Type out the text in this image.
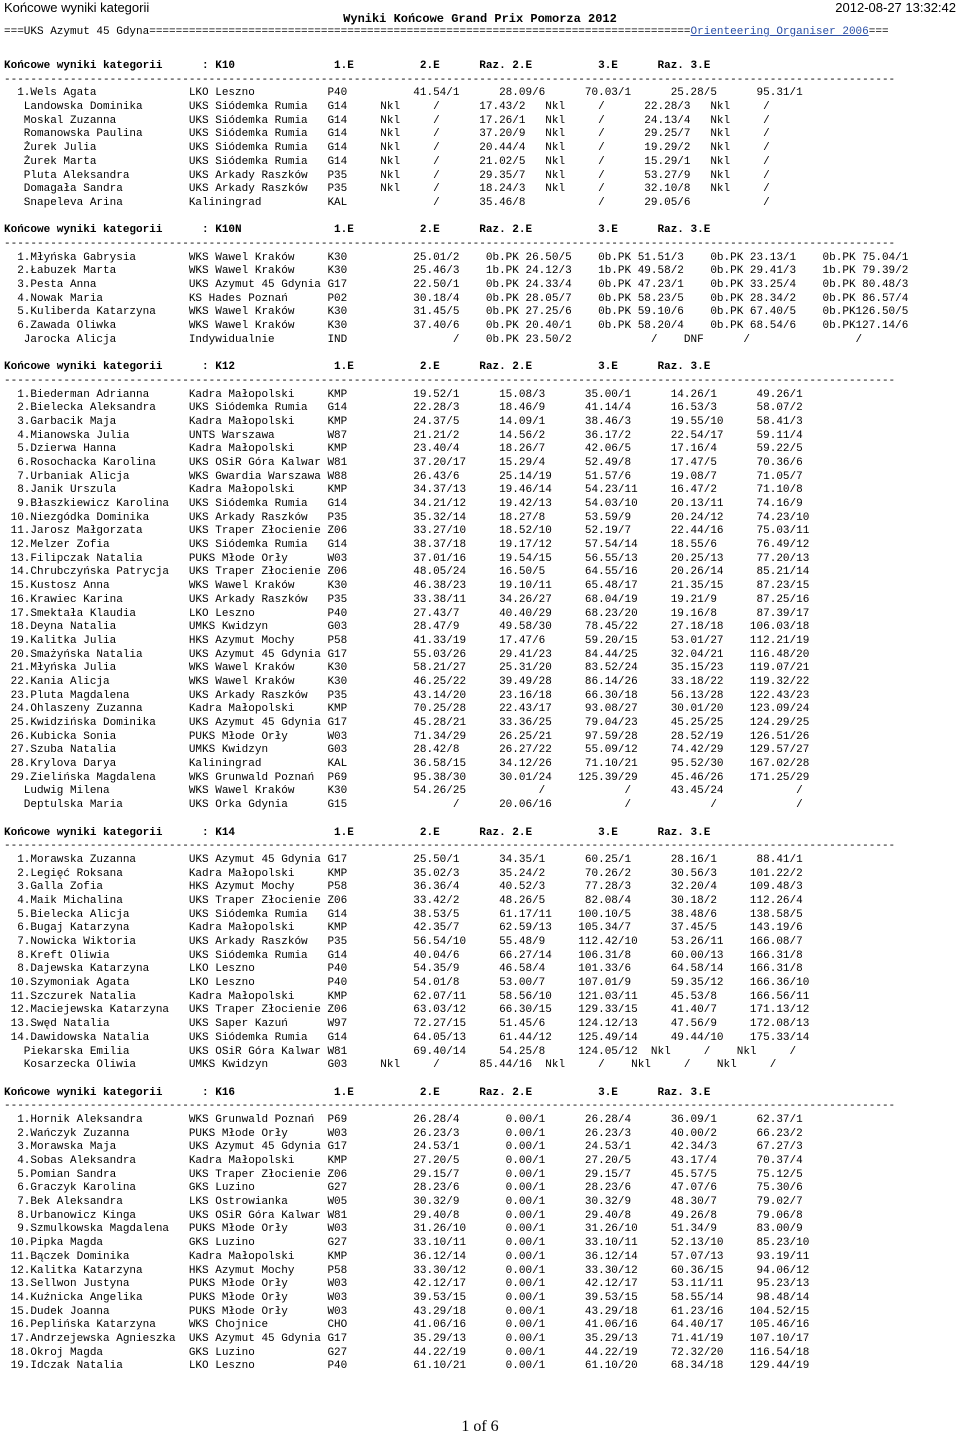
Końcowe wyniki kategorii	2012-08-27 13:32:42
Wyniki Końcowe Grand Prix Pomorza 2012
===UKS Azymut 45 Gdyna==================================================================================Orienteering Organiser 2006===
Końcowe wyniki kategorii      : K10               1.E          2.E      Raz. 2.E          3.E      Raz. 3.E
---------------------------------------------------------------------------------------------------------------------------------------
1.Wels Agata              LKO Leszno           P40          41.54/1      28.09/6      70.03/1      25.28/5      95.31/1
Landowska Dominika       UKS Siódemka Rumia   G14     Nkl     /      17.43/2   Nkl     /      22.28/3   Nkl     /
Moskal Zuzanna           UKS Siódemka Rumia   G14     Nkl     /      17.26/1   Nkl     /      24.13/4   Nkl     /
Romanowska Paulina       UKS Siódemka Rumia   G14     Nkl     /      37.20/9   Nkl     /      29.25/7   Nkl     /
Żurek Julia              UKS Siódemka Rumia   G14     Nkl     /      20.44/4   Nkl     /      19.29/2   Nkl     /
Żurek Marta              UKS Siódemka Rumia   G14     Nkl     /      21.02/5   Nkl     /      15.29/1   Nkl     /
Pluta Aleksandra         UKS Arkady Raszków   P35     Nkl     /      29.35/7   Nkl     /      53.27/9   Nkl     /
Domagała Sandra          UKS Arkady Raszków   P35     Nkl     /      18.24/3   Nkl     /      32.10/8   Nkl     /
Snapeleva Arina          Kaliningrad          KAL             /      35.46/8           /      29.05/6           /

Końcowe wyniki kategorii      : K10N              1.E          2.E      Raz. 2.E          3.E      Raz. 3.E
---------------------------------------------------------------------------------------------------------------------------------------
1.Młyńska Gabrysia        WKS Wawel Kraków     K30          25.01/2    0b.PK 26.50/5    0b.PK 51.51/3    0b.PK 23.13/1    0b.PK 75.04/1
2.Łabuzek Marta           WKS Wawel Kraków     K30          25.46/3    1b.PK 24.12/3    1b.PK 49.58/2    0b.PK 29.41/3    1b.PK 79.39/2
3.Pesta Anna              UKS Azymut 45 Gdynia G17          22.50/1    0b.PK 24.33/4    0b.PK 47.23/1    0b.PK 33.25/4    0b.PK 80.48/3
4.Nowak Maria             KS Hades Poznań      P02          30.18/4    0b.PK 28.05/7    0b.PK 58.23/5    0b.PK 28.34/2    0b.PK 86.57/4
5.Kuliberda Katarzyna     WKS Wawel Kraków     K30          31.45/5    0b.PK 27.25/6    0b.PK 59.10/6    0b.PK 67.40/5    0b.PK126.50/5
6.Zawada Oliwka           WKS Wawel Kraków     K30          37.40/6    0b.PK 20.40/1    0b.PK 58.20/4    0b.PK 68.54/6    0b.PK127.14/6
Jarocka Alicja           Indywidualnie        IND                /    0b.PK 23.50/2            /    DNF      /                /

Końcowe wyniki kategorii      : K12               1.E          2.E      Raz. 2.E          3.E      Raz. 3.E
---------------------------------------------------------------------------------------------------------------------------------------
1.Biederman Adrianna      Kadra Małopolski     KMP          19.52/1      15.08/3      35.00/1      14.26/1      49.26/1
2.Bielecka Aleksandra     UKS Siódemka Rumia   G14          22.28/3      18.46/9      41.14/4      16.53/3      58.07/2
3.Garbacik Maja           Kadra Małopolski     KMP          24.37/5      14.09/1      38.46/3      19.55/10     58.41/3
4.Mianowska Julia         UNTS Warszawa        W87          21.21/2      14.56/2      36.17/2      22.54/17     59.11/4
5.Dzierwa Hanna           Kadra Małopolski     KMP          23.40/4      18.26/7      42.06/5      17.16/4      59.22/5
6.Rosochacka Karolina     UKS OSiR Góra Kalwar W81          37.20/17     15.29/4      52.49/8      17.47/5      70.36/6
7.Urbaniak Alicja         WKS Gwardia Warszawa W88          26.43/6      25.14/19     51.57/6      19.08/7      71.05/7
8.Janik Urszula           Kadra Małopolski     KMP          34.37/13     19.46/14     54.23/11     16.47/2      71.10/8
9.Błaszkiewicz Karolina   UKS Siódemka Rumia   G14          34.21/12     19.42/13     54.03/10     20.13/11     74.16/9
10.Niezgódka Dominika      UKS Arkady Raszków   P35          35.32/14     18.27/8      53.59/9      20.24/12     74.23/10
11.Jarosz Małgorzata       UKS Traper Złocienie Z06          33.27/10     18.52/10     52.19/7      22.44/16     75.03/11
12.Melzer Zofia            UKS Siódemka Rumia   G14          38.37/18     19.17/12     57.54/14     18.55/6      76.49/12
13.Filipczak Natalia       PUKS Młode Orły      W03          37.01/16     19.54/15     56.55/13     20.25/13     77.20/13
14.Chrubczyńska Patrycja   UKS Traper Złocienie Z06          48.05/24     16.50/5      64.55/16     20.26/14     85.21/14
15.Kustosz Anna            WKS Wawel Kraków     K30          46.38/23     19.10/11     65.48/17     21.35/15     87.23/15
16.Krawiec Karina          UKS Arkady Raszków   P35          33.38/11     34.26/27     68.04/19     19.21/9      87.25/16
17.Smektała Klaudia        LKO Leszno           P40          27.43/7      40.40/29     68.23/20     19.16/8      87.39/17
18.Deyna Natalia           UMKS Kwidzyn         G03          28.47/9      49.58/30     78.45/22     27.18/18    106.03/18
19.Kalitka Julia           HKS Azymut Mochy     P58          41.33/19     17.47/6      59.20/15     53.01/27    112.21/19
20.Smażyńska Natalia       UKS Azymut 45 Gdynia G17          55.03/26     29.41/23     84.44/25     32.04/21    116.48/20
21.Młyńska Julia           WKS Wawel Kraków     K30          58.21/27     25.31/20     83.52/24     35.15/23    119.07/21
22.Kania Alicja            WKS Wawel Kraków     K30          46.25/22     39.49/28     86.14/26     33.18/22    119.32/22
23.Pluta Magdalena         UKS Arkady Raszków   P35          43.14/20     23.16/18     66.30/18     56.13/28    122.43/23
24.Ohlaszeny Zuzanna       Kadra Małopolski     KMP          70.25/28     22.43/17     93.08/27     30.01/20    123.09/24
25.Kwidzińska Dominika     UKS Azymut 45 Gdynia G17          45.28/21     33.36/25     79.04/23     45.25/25    124.29/25
26.Kubicka Sonia           PUKS Młode Orły      W03          71.34/29     26.25/21     97.59/28     28.52/19    126.51/26
27.Szuba Natalia           UMKS Kwidzyn         G03          28.42/8      26.27/22     55.09/12     74.42/29    129.57/27
28.Krylova Darya           Kaliningrad          KAL          36.58/15     34.12/26     71.10/21     95.52/30    167.02/28
29.Zielińska Magdalena     WKS Grunwald Poznań  P69          95.38/30     30.01/24    125.39/29     45.46/26    171.25/29
Ludwig Milena            WKS Wawel Kraków     K30          54.26/25           /            /      43.45/24           /
Deptulska Maria          UKS Orka Gdynia      G15                /      20.06/16           /            /            /

Końcowe wyniki kategorii      : K14               1.E          2.E      Raz. 2.E          3.E      Raz. 3.E
---------------------------------------------------------------------------------------------------------------------------------------
1.Morawska Zuzanna        UKS Azymut 45 Gdynia G17          25.50/1      34.35/1      60.25/1      28.16/1      88.41/1
2.Legięć Roksana          Kadra Małopolski     KMP          35.02/3      35.24/2      70.26/2      30.56/3     101.22/2
3.Galla Zofia             HKS Azymut Mochy     P58          36.36/4      40.52/3      77.28/3      32.20/4     109.48/3
4.Maik Michalina          UKS Traper Złocienie Z06          33.42/2      48.26/5      82.08/4      30.18/2     112.26/4
5.Bielecka Alicja         UKS Siódemka Rumia   G14          38.53/5      61.17/11    100.10/5      38.48/6     138.58/5
6.Bugaj Katarzyna         Kadra Małopolski     KMP          42.35/7      62.59/13    105.34/7      37.45/5     143.19/6
7.Nowicka Wiktoria        UKS Arkady Raszków   P35          56.54/10     55.48/9     112.42/10     53.26/11    166.08/7
8.Kreft Oliwia            UKS Siódemka Rumia   G14          40.04/6      66.27/14    106.31/8      60.00/13    166.31/8
8.Dajewska Katarzyna      LKO Leszno           P40          54.35/9      46.58/4     101.33/6      64.58/14    166.31/8
10.Szymoniak Agata         LKO Leszno           P40          54.01/8      53.00/7     107.01/9      59.35/12    166.36/10
11.Szczurek Natalia        Kadra Małopolski     KMP          62.07/11     58.56/10    121.03/11     45.53/8     166.56/11
12.Maciejewska Katarzyna   UKS Traper Złocienie Z06          63.03/12     66.30/15    129.33/15     41.40/7     171.13/12
13.Swęd Natalia            UKS Saper Kazuń      W97          72.27/15     51.45/6     124.12/13     47.56/9     172.08/13
14.Dawidowska Natalia      UKS Siódemka Rumia   G14          64.05/13     61.44/12    125.49/14     49.44/10    175.33/14
Piekarska Emilia         UKS OSiR Góra Kalwar W81          69.40/14     54.25/8     124.05/12  Nkl     /    Nkl     /
Kosarzecka Oliwia        UMKS Kwidzyn         G03     Nkl     /      85.44/16  Nkl     /    Nkl     /    Nkl     /

Końcowe wyniki kategorii      : K16               1.E          2.E      Raz. 2.E          3.E      Raz. 3.E
---------------------------------------------------------------------------------------------------------------------------------------
1.Hornik Aleksandra       WKS Grunwald Poznań  P69          26.28/4       0.00/1      26.28/4      36.09/1      62.37/1
2.Wańczyk Zuzanna         PUKS Młode Orły      W03          26.23/3       0.00/1      26.23/3      40.00/2      66.23/2
3.Morawska Maja           UKS Azymut 45 Gdynia G17          24.53/1       0.00/1      24.53/1      42.34/3      67.27/3
4.Sobas Aleksandra        Kadra Małopolski     KMP          27.20/5       0.00/1      27.20/5      43.17/4      70.37/4
5.Pomian Sandra           UKS Traper Złocienie Z06          29.15/7       0.00/1      29.15/7      45.57/5      75.12/5
6.Graczyk Karolina        GKS Luzino           G27          28.23/6       0.00/1      28.23/6      47.07/6      75.30/6
7.Bek Aleksandra          LKS Ostrowianka      W05          30.32/9       0.00/1      30.32/9      48.30/7      79.02/7
8.Urbanowicz Kinga        UKS OSiR Góra Kalwar W81          29.40/8       0.00/1      29.40/8      49.26/8      79.06/8
9.Szmulkowska Magdalena   PUKS Młode Orły      W03          31.26/10      0.00/1      31.26/10     51.34/9      83.00/9
10.Pipka Magda             GKS Luzino           G27          33.10/11      0.00/1      33.10/11     52.13/10     85.23/10
11.Bączek Dominika         Kadra Małopolski     KMP          36.12/14      0.00/1      36.12/14     57.07/13     93.19/11
12.Kalitka Katarzyna       HKS Azymut Mochy     P58          33.30/12      0.00/1      33.30/12     60.36/15     94.06/12
13.Sellwon Justyna         PUKS Młode Orły      W03          42.12/17      0.00/1      42.12/17     53.11/11     95.23/13
14.Kuźnicka Angelika       PUKS Młode Orły      W03          39.53/15      0.00/1      39.53/15     58.55/14     98.48/14
15.Dudek Joanna            PUKS Młode Orły      W03          43.29/18      0.00/1      43.29/18     61.23/16    104.52/15
16.Peplińska Katarzyna     WKS Chojnice         CHO          41.06/16      0.00/1      41.06/16     64.40/17    105.46/16
17.Andrzejewska Agnieszka  UKS Azymut 45 Gdynia G17          35.29/13      0.00/1      35.29/13     71.41/19    107.10/17
18.Okroj Magda             GKS Luzino           G27          44.22/19      0.00/1      44.22/19     72.32/20    116.54/18
19.Idczak Natalia          LKO Leszno           P40          61.10/21      0.00/1      61.10/20     68.34/18    129.44/19

1 of 6
